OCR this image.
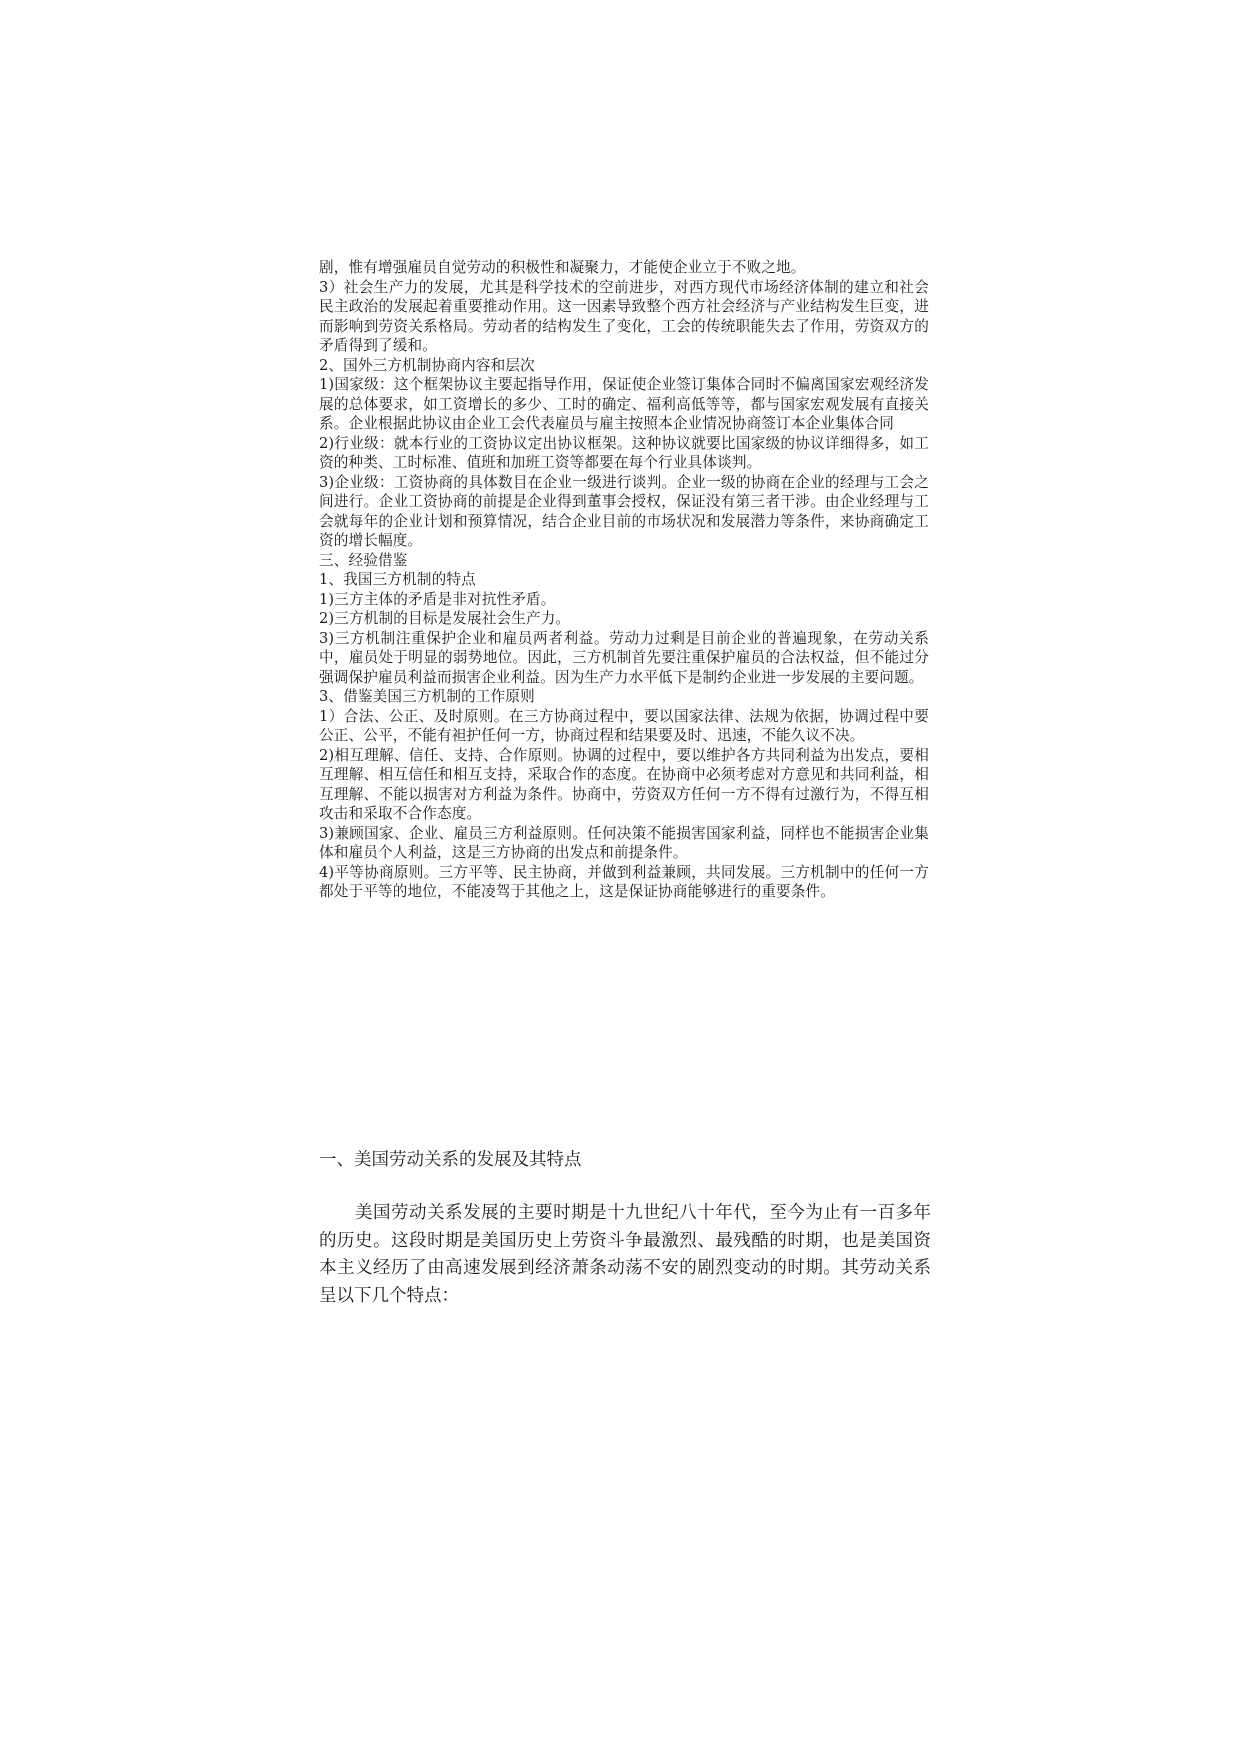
剧，惟有增强雇员自觉劳动的积极性和凝聚力，才能使企业立于不败之地。

3）社会生产力的发展，尤其是科学技术的空前进步，对西方现代市场经济体制的建立和社会民主政治的发展起着重要推动作用。这一因素导致整个西方社会经济与产业结构发生巨变，进而影响到劳资关系格局。劳动者的结构发生了变化，工会的传统职能失去了作用，劳资双方的矛盾得到了缓和。

2、国外三方机制协商内容和层次

1)国家级：这个框架协议主要起指导作用，保证使企业签订集体合同时不偏离国家宏观经济发展的总体要求，如工资增长的多少、工时的确定、福利高低等等，都与国家宏观发展有直接关系。企业根据此协议由企业工会代表雇员与雇主按照本企业情况协商签订本企业集体合同

2)行业级：就本行业的工资协议定出协议框架。这种协议就要比国家级的协议详细得多，如工资的种类、工时标准、值班和加班工资等都要在每个行业具体谈判。

3)企业级：工资协商的具体数目在企业一级进行谈判。企业一级的协商在企业的经理与工会之间进行。企业工资协商的前提是企业得到董事会授权，保证没有第三者干涉。由企业经理与工会就每年的企业计划和预算情况，结合企业目前的市场状况和发展潜力等条件，来协商确定工资的增长幅度。

三、经验借鉴

1、我国三方机制的特点

1)三方主体的矛盾是非对抗性矛盾。

2)三方机制的目标是发展社会生产力。

3)三方机制注重保护企业和雇员两者利益。劳动力过剩是目前企业的普遍现象，在劳动关系中，雇员处于明显的弱势地位。因此，三方机制首先要注重保护雇员的合法权益，但不能过分强调保护雇员利益而损害企业利益。因为生产力水平低下是制约企业进一步发展的主要问题。

3、借鉴美国三方机制的工作原则

1）合法、公正、及时原则。在三方协商过程中，要以国家法律、法规为依据，协调过程中要公正、公平，不能有袒护任何一方，协商过程和结果要及时、迅速，不能久议不决。

2)相互理解、信任、支持、合作原则。协调的过程中，要以维护各方共同利益为出发点，要相互理解、相互信任和相互支持，采取合作的态度。在协商中必须考虑对方意见和共同利益，相互理解、不能以损害对方利益为条件。协商中，劳资双方任何一方不得有过激行为，不得互相攻击和采取不合作态度。

3)兼顾国家、企业、雇员三方利益原则。任何决策不能损害国家利益，同样也不能损害企业集体和雇员个人利益，这是三方协商的出发点和前提条件。

4)平等协商原则。三方平等、民主协商，并做到利益兼顾，共同发展。三方机制中的任何一方都处于平等的地位，不能凌驾于其他之上，这是保证协商能够进行的重要条件。

一、美国劳动关系的发展及其特点

美国劳动关系发展的主要时期是十九世纪八十年代，至今为止有一百多年的历史。这段时期是美国历史上劳资斗争最激烈、最残酷的时期，也是美国资本主义经历了由高速发展到经济萧条动荡不安的剧烈变动的时期。其劳动关系呈以下几个特点：
